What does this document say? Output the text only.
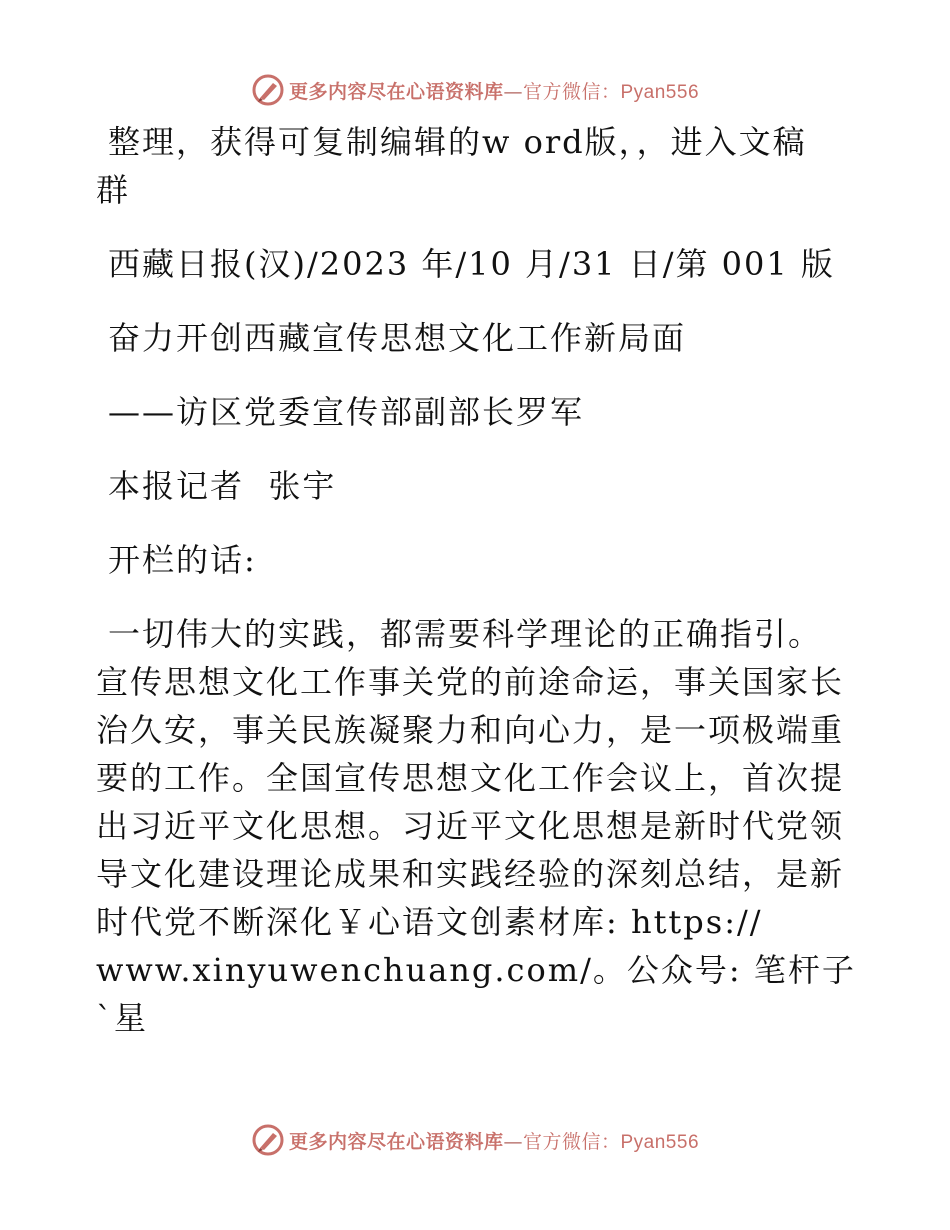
更多内容尽在心语资料库—官方微信：Pyan556

整理，获得可复制编辑的w ord版，，进入文稿

群

西藏日报(汉)/2023 年/10 月/31 日/第 001 版

奋力开创西藏宣传思想文化工作新局面

——访区党委宣传部副部长罗军

本报记者  张宇

开栏的话:

一切伟大的实践，都需要科学理论的正确指引。

宣传思想文化工作事关党的前途命运，事关国家长

治久安，事关民族凝聚力和向心力，是一项极端重

要的工作。全国宣传思想文化工作会议上，首次提

出习近平文化思想。习近平文化思想是新时代党领

导文化建设理论成果和实践经验的深刻总结，是新

时代党不断深化￥心语文创素材库: https://

www.xinyuwenchuang.com/。公众号: 笔杆子`星

更多内容尽在心语资料库—官方微信：Pyan556
